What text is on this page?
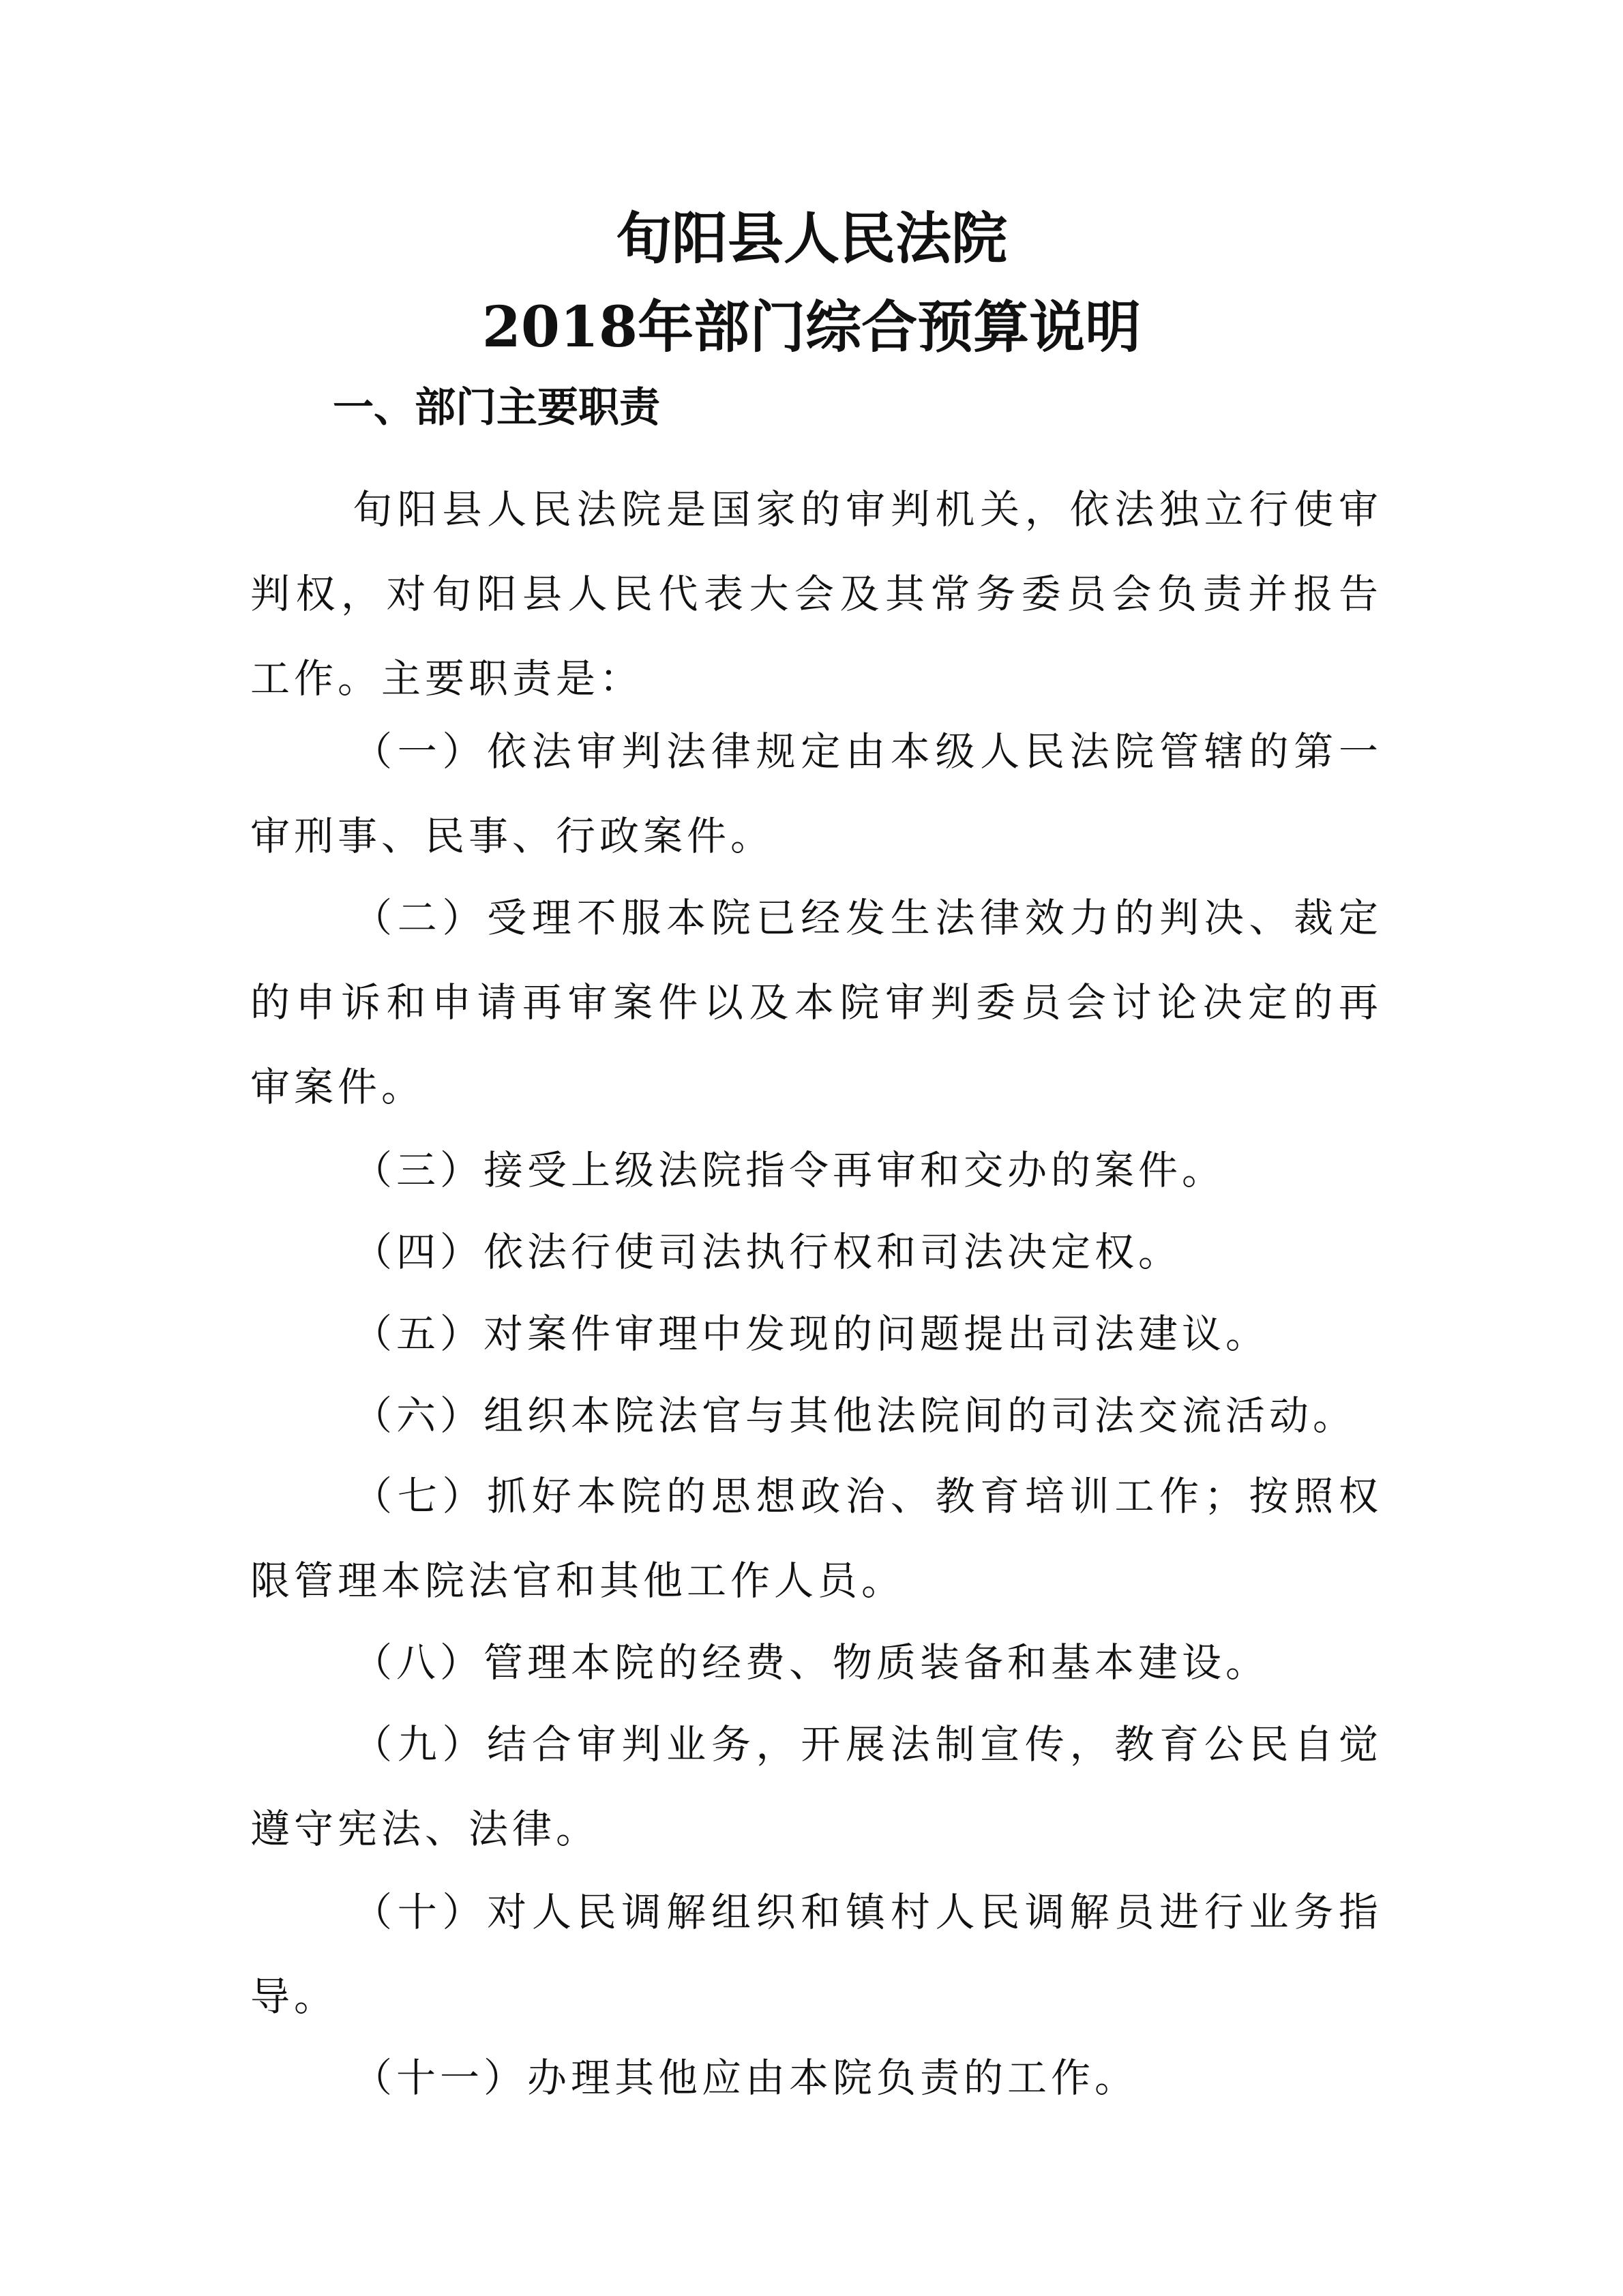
旬阳县人民法院
2018年部门综合预算说明
一、部门主要职责

旬阳县人民法院是国家的审判机关，依法独立行使审判权，对旬阳县人民代表大会及其常务委员会负责并报告工作。主要职责是：

（一）依法审判法律规定由本级人民法院管辖的第一审刑事、民事、行政案件。

（二）受理不服本院已经发生法律效力的判决、裁定的申诉和申请再审案件以及本院审判委员会讨论决定的再审案件。

（三）接受上级法院指令再审和交办的案件。

（四）依法行使司法执行权和司法决定权。

（五）对案件审理中发现的问题提出司法建议。

（六）组织本院法官与其他法院间的司法交流活动。

（七）抓好本院的思想政治、教育培训工作；按照权限管理本院法官和其他工作人员。

（八）管理本院的经费、物质装备和基本建设。

（九）结合审判业务，开展法制宣传，教育公民自觉遵守宪法、法律。

（十）对人民调解组织和镇村人民调解员进行业务指导。

（十一）办理其他应由本院负责的工作。
